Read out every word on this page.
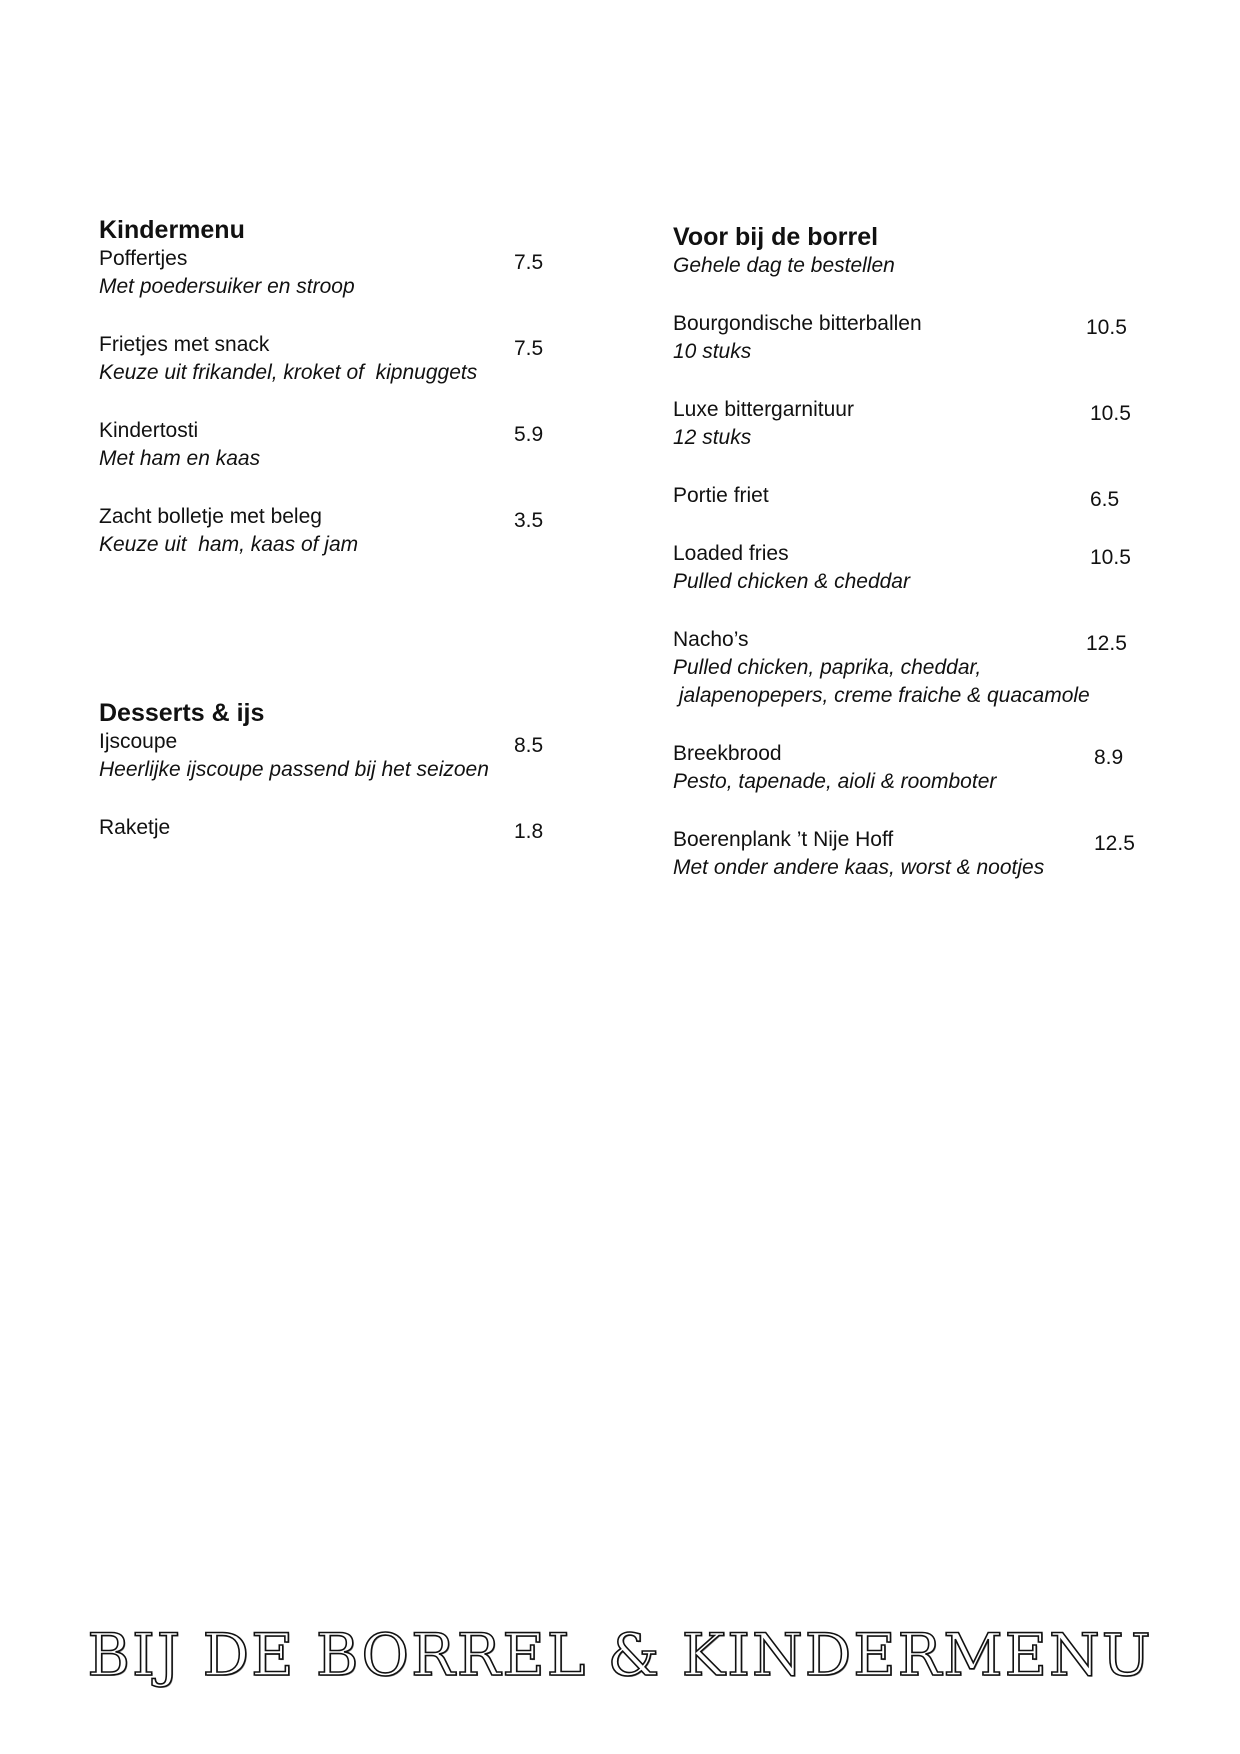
Kindermenu
Poffertjes
Met poedersuiker en stroop
7.5
Frietjes met snack
Keuze uit frikandel, kroket of  kipnuggets
7.5
Kindertosti
Met ham en kaas
5.9
Zacht bolletje met beleg
Keuze uit  ham, kaas of jam
3.5
Desserts & ijs
Ijscoupe
Heerlijke ijscoupe passend bij het seizoen
8.5
Raketje	1.8
Voor bij de borrel
Gehele dag te bestellen
Bourgondische bitterballen
10 stuks
10.5
Luxe bittergarnituur
12 stuks
10.5
Portie friet	6.5
Loaded fries
Pulled chicken & cheddar
10.5
Nacho’s
Pulled chicken, paprika, cheddar,
jalapenopepers, creme fraiche & quacamole
12.5
Breekbrood
Pesto, tapenade, aioli & roomboter
8.9
Boerenplank ’t Nije Hoff
Met onder andere kaas, worst & nootjes
12.5
BIJ DE BORREL & KINDERMENU
